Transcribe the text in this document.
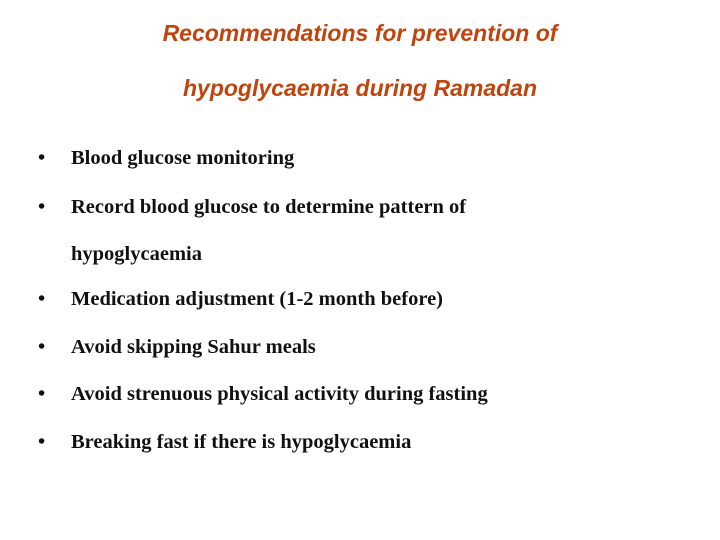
Recommendations for prevention of
hypoglycaemia during Ramadan
•	Blood glucose monitoring
•	Record blood glucose to determine pattern of
hypoglycaemia
•	Medication adjustment (1-2 month before)
•	Avoid skipping Sahur meals
•	Avoid strenuous physical activity during fasting
•	Breaking fast if there is hypoglycaemia
